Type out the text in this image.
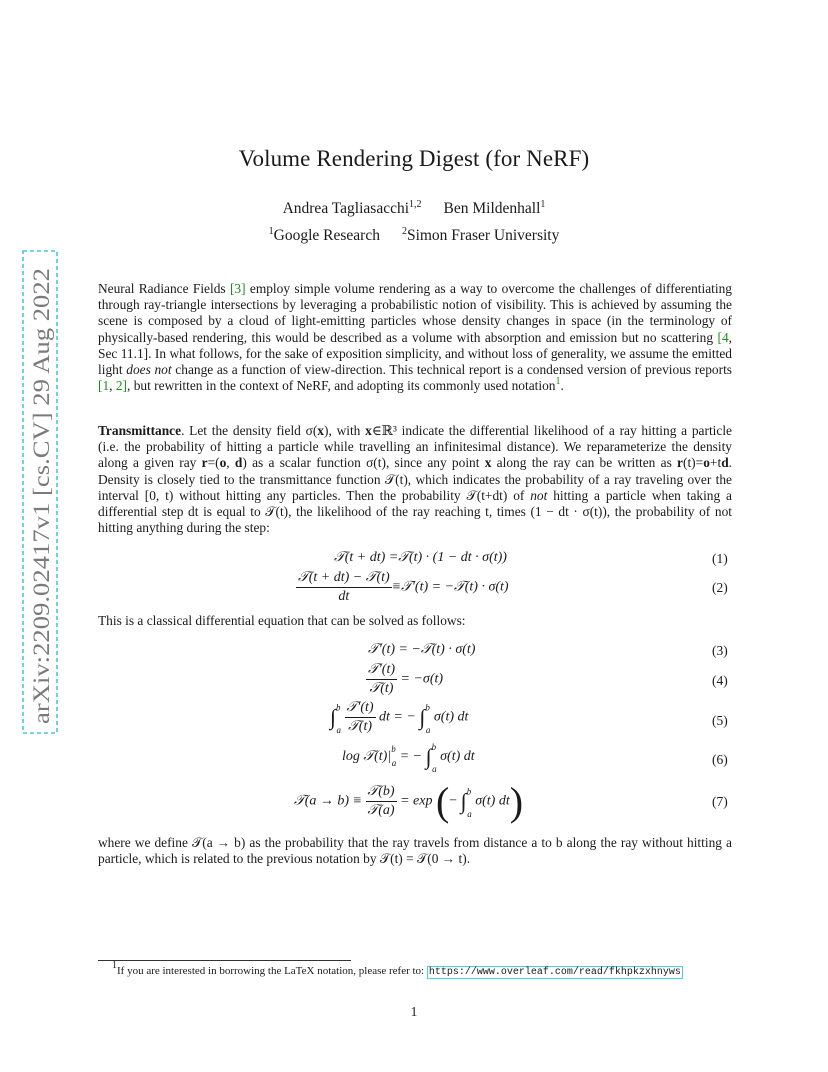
arXiv:2209.02417v1 [cs.CV] 29 Aug 2022
Volume Rendering Digest (for NeRF)
Andrea Tagliasacchi$^{1,2}$ Ben Mildenhall$^1$
$^1$Google Research $^2$Simon Fraser University
Neural Radiance Fields [3] employ simple volume rendering as a way to overcome the challenges of differentiating through ray-triangle intersections by leveraging a probabilistic notion of visibility. This is achieved by assuming the scene is composed by a cloud of light-emitting particles whose density changes in space (in the terminology of physically-based rendering, this would be described as a volume with absorption and emission but no scattering [4, Sec 11.1]. In what follows, for the sake of exposition simplicity, and without loss of generality, we assume the emitted light does not change as a function of view-direction. This technical report is a condensed version of previous reports [1, 2], but rewritten in the context of NeRF, and adopting its commonly used notation$^1$.
Transmittance. Let the density field σ(x), with x∈ℝ³ indicate the differential likelihood of a ray hitting a particle (i.e. the probability of hitting a particle while travelling an infinitesimal distance). We reparameterize the density along a given ray r=(o, d) as a scalar function σ(t), since any point x along the ray can be written as r(t)=o+td. Density is closely tied to the transmittance function 𝒯(t), which indicates the probability of a ray traveling over the interval [0, t) without hitting any particles. Then the probability 𝒯(t+dt) of not hitting a particle when taking a differential step dt is equal to 𝒯(t), the likelihood of the ray reaching t, times (1 − dt · σ(t)), the probability of not hitting anything during the step:
𝒯(t + dt) =𝒯(t) · (1 − dt · σ(t))	(1)
$\frac{\text{𝒯(t + dt) − 𝒯(t)}}{dt}$ ≡𝒯′(t) = −𝒯(t) · σ(t)	(2)
This is a classical differential equation that can be solved as follows:
𝒯′(t) = −𝒯(t) · σ(t)	(3)
$\frac{\text{𝒯′(t)}}{\text{𝒯(t)}} = -\sigma(t)$	(4)
$\int^b_a \frac{\text{𝒯′(t)}}{\text{𝒯(t)}}$ dt = − ∫$^b_a$ σ(t) dt	(5)
$\log 𝒯(t)|^b_a$ = − ∫$^b_a$ σ(t) dt	(6)
𝒯(a → $b) \equiv \frac{\text{𝒯(b)}}{\text{𝒯(a)}} = \exp$ (− ∫$^b_a$ σ(t) dt)	(7)
where we define 𝒯(a → b) as the probability that the ray travels from distance a to b along the ray without hitting a particle, which is related to the previous notation by 𝒯(t) = 𝒯(0 → t).
$^1$If you are interested in borrowing the LaTeX notation, please refer to: https://www.overleaf.com/read/fkhpkzxhnyws
1
